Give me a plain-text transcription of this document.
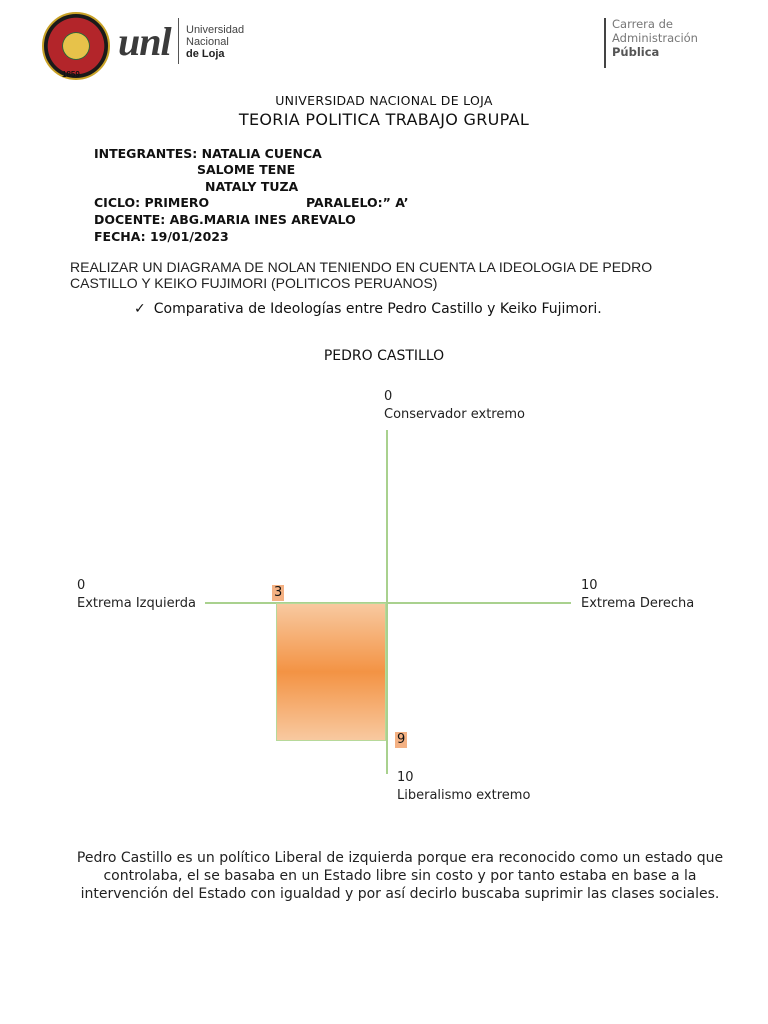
1859
unl Universidad
Nacional
de Loja
Carrera de
Administración
Pública
UNIVERSIDAD NACIONAL DE LOJA
TEORIA POLITICA TRABAJO GRUPAL
INTEGRANTES: NATALIA CUENCA
SALOME TENE
NATALY TUZA
CICLO: PRIMERO	PARALELO:” A’
DOCENTE: ABG.MARIA INES AREVALO
FECHA: 19/01/2023
REALIZAR UN DIAGRAMA DE NOLAN TENIENDO EN CUENTA LA IDEOLOGIA DE PEDRO CASTILLO Y KEIKO FUJIMORI (POLITICOS PERUANOS)
✓ Comparativa de Ideologías entre Pedro Castillo y Keiko Fujimori.
PEDRO CASTILLO
0
Conservador extremo
0
Extrema Izquierda
10
Extrema Derecha
10
Liberalismo extremo
3
9
Pedro Castillo es un político Liberal de izquierda porque era reconocido como un estado que controlaba, el se basaba en un Estado libre sin costo y por tanto estaba en base a la intervención del Estado con igualdad y por así decirlo buscaba suprimir las clases sociales.
